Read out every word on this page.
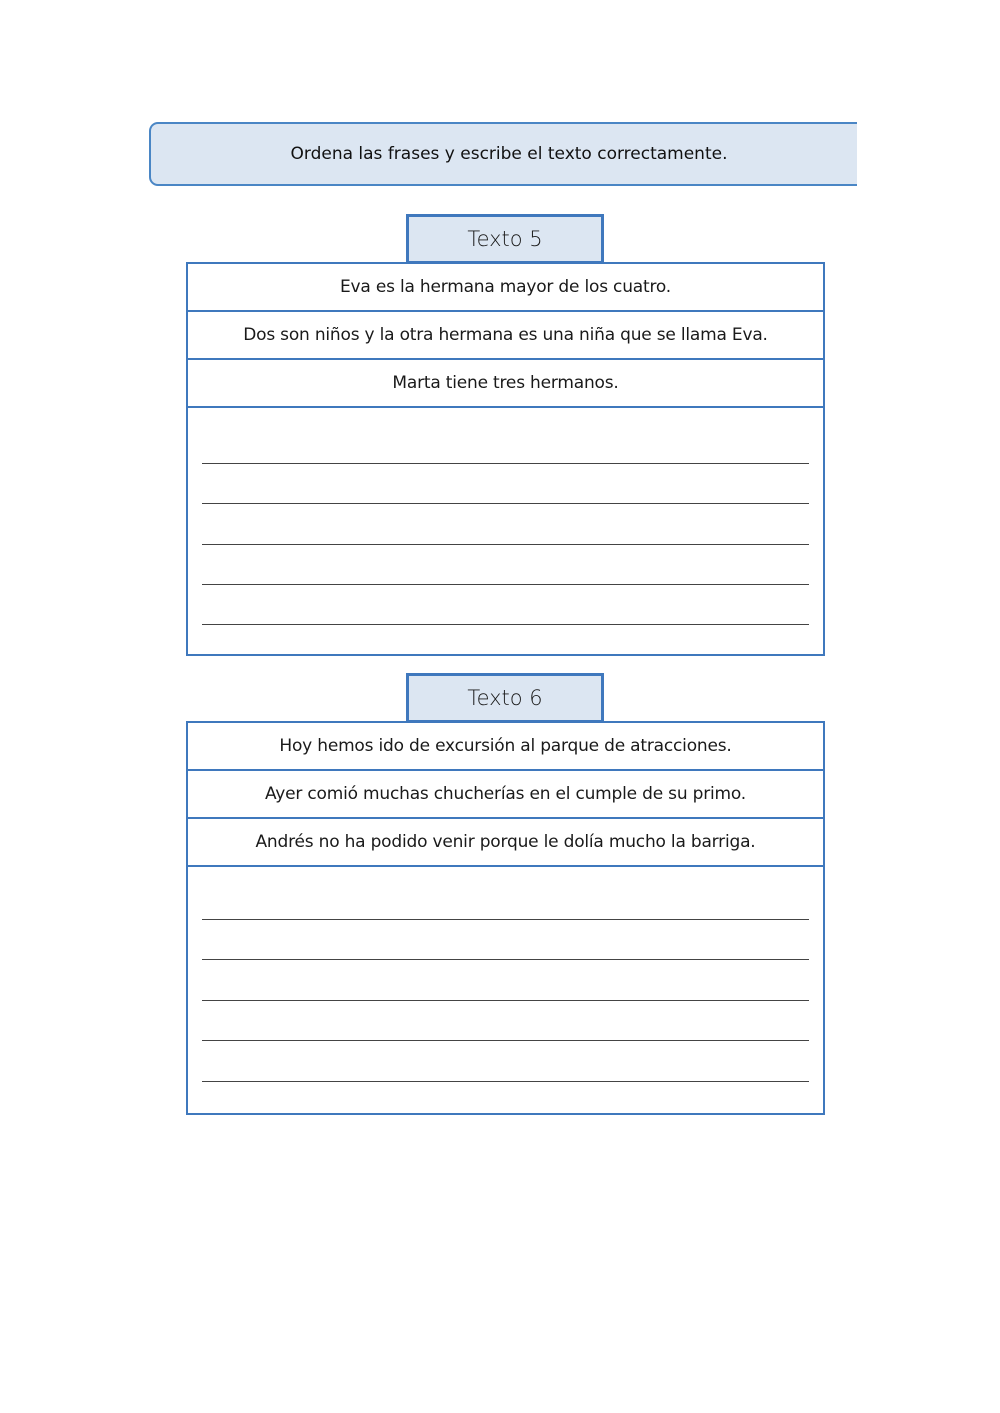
Ordena las frases y escribe el texto correctamente.
Texto 5
Eva es la hermana mayor de los cuatro.
Dos son niños y la otra hermana es una niña que se llama Eva.
Marta tiene tres hermanos.
Texto 6
Hoy hemos ido de excursión al parque de atracciones.
Ayer comió muchas chucherías en el cumple de su primo.
Andrés no ha podido venir porque le dolía mucho la barriga.
